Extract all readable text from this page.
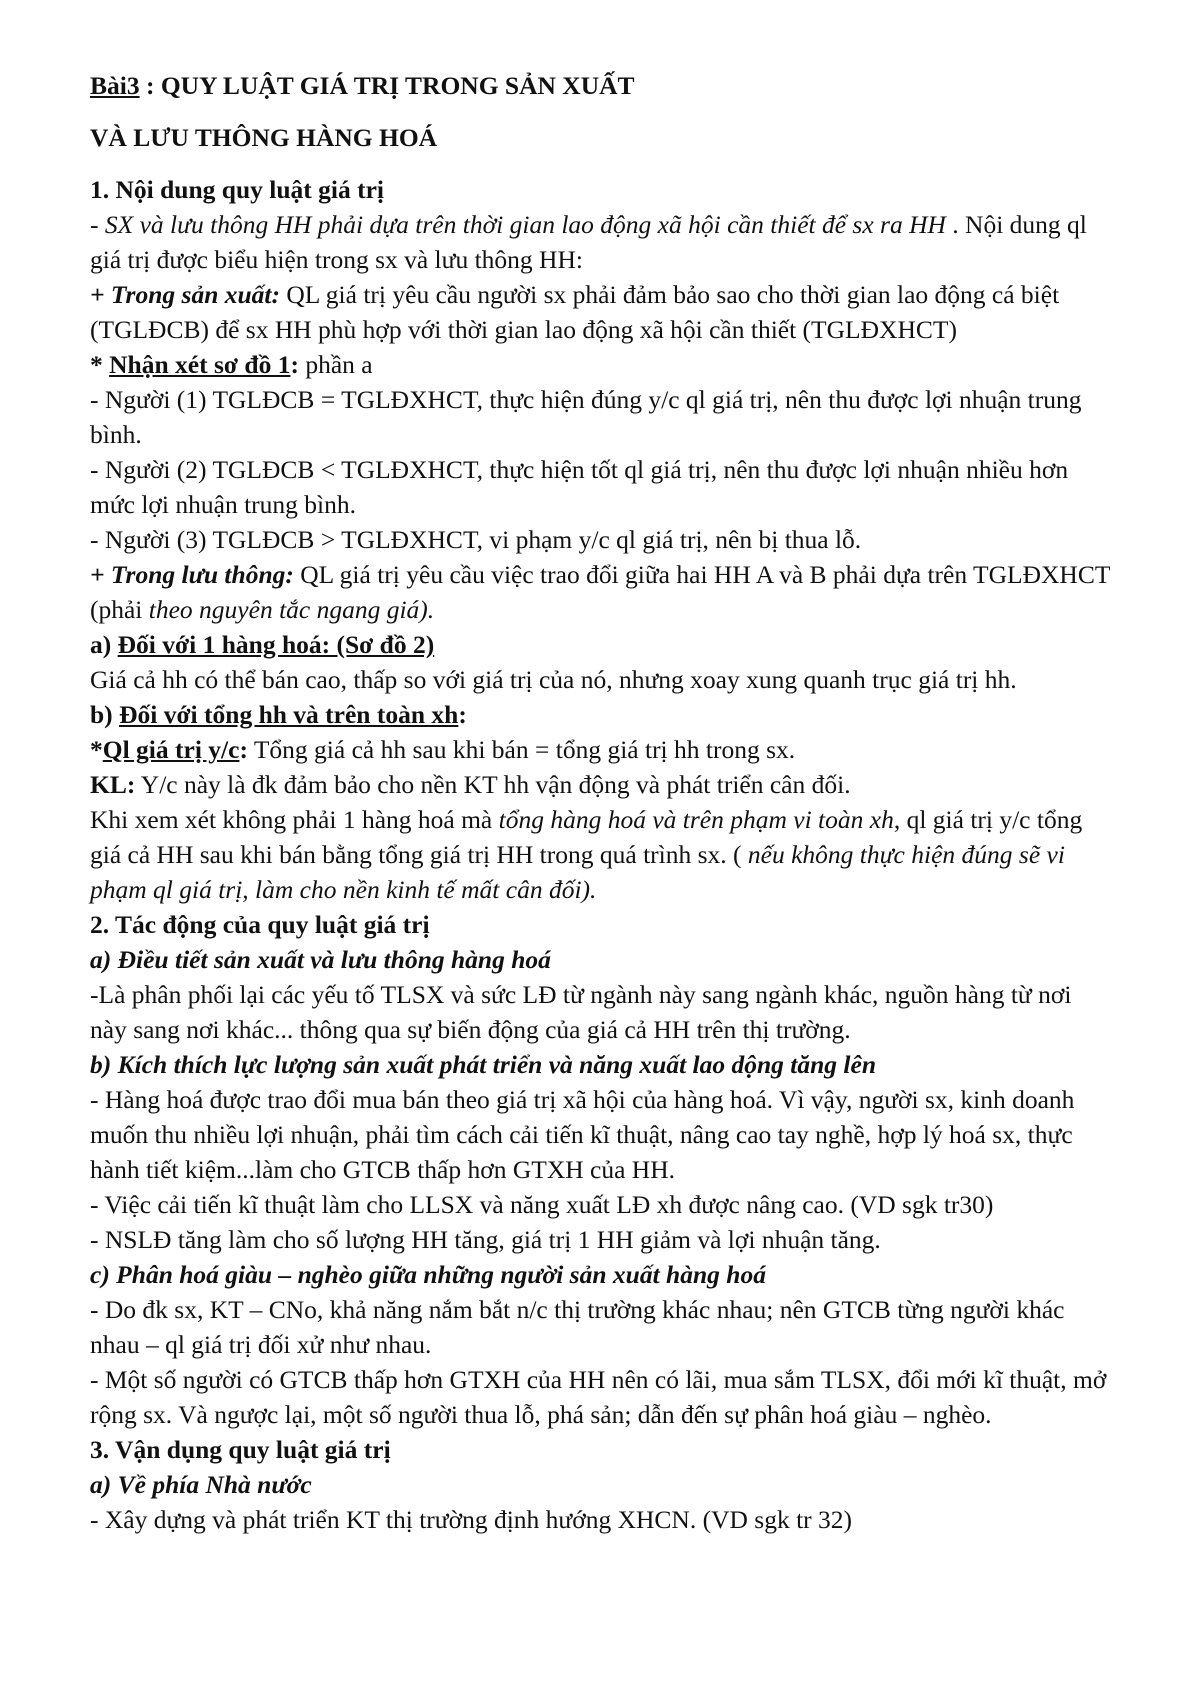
Bài3 : QUY LUẬT GIÁ TRỊ TRONG SẢN XUẤT

VÀ LƯU THÔNG HÀNG HOÁ

1. Nội dung quy luật giá trị

- SX và lưu thông HH phải dựa trên thời gian lao động xã hội cần thiết để sx ra HH . Nội dung ql giá trị được biểu hiện trong sx và lưu thông HH:

+ Trong sản xuất: QL giá trị yêu cầu người sx phải đảm bảo sao cho thời gian lao động cá biệt (TGLĐCB) để sx HH phù hợp với thời gian lao động xã hội cần thiết (TGLĐXHCT)

* Nhận xét sơ đồ 1: phần a

- Người (1) TGLĐCB = TGLĐXHCT, thực hiện đúng y/c ql giá trị, nên thu được lợi nhuận trung bình.

- Người (2) TGLĐCB < TGLĐXHCT, thực hiện tốt ql giá trị, nên thu được lợi nhuận nhiều hơn mức lợi nhuận trung bình.

- Người (3) TGLĐCB > TGLĐXHCT, vi phạm y/c ql giá trị, nên bị thua lỗ.

+ Trong lưu thông: QL giá trị yêu cầu việc trao đổi giữa hai HH A và B phải dựa trên TGLĐXHCT (phải theo nguyên tắc ngang giá).

a) Đối với 1 hàng hoá: (Sơ đồ 2)

Giá cả hh có thể bán cao, thấp so với giá trị của nó, nhưng xoay xung quanh trục giá trị hh.

b) Đối với tổng hh và trên toàn xh:

*Ql giá trị y/c: Tổng giá cả hh sau khi bán = tổng giá trị hh trong sx.

KL: Y/c này là đk đảm bảo cho nền KT hh vận động và phát triển cân đối.

Khi xem xét không phải 1 hàng hoá mà tổng hàng hoá và trên phạm vi toàn xh, ql giá trị y/c tổng giá cả HH sau khi bán bằng tổng giá trị HH trong quá trình sx. ( nếu không thực hiện đúng sẽ vi phạm ql giá trị, làm cho nền kinh tế mất cân đối).

2. Tác động của quy luật giá trị

a) Điều tiết sản xuất và lưu thông hàng hoá

-Là phân phối lại các yếu tố TLSX và sức LĐ từ ngành này sang ngành khác, nguồn hàng từ nơi này sang nơi khác... thông qua sự biến động của giá cả HH trên thị trường.

b) Kích thích lực lượng sản xuất phát triển và năng xuất lao dộng tăng lên

- Hàng hoá được trao đổi mua bán theo giá trị xã hội của hàng hoá. Vì vậy, người sx, kinh doanh muốn thu nhiều lợi nhuận, phải tìm cách cải tiến kĩ thuật, nâng cao tay nghề, hợp lý hoá sx, thực hành tiết kiệm...làm cho GTCB thấp hơn GTXH của HH.

- Việc cải tiến kĩ thuật làm cho LLSX và năng xuất LĐ xh được nâng cao. (VD sgk tr30)

- NSLĐ tăng làm cho số lượng HH tăng, giá trị 1 HH giảm và lợi nhuận tăng.

c) Phân hoá giàu – nghèo giữa những người sản xuất hàng hoá

- Do đk sx, KT – CNo, khả năng nắm bắt n/c thị trường khác nhau; nên GTCB từng người khác nhau – ql giá trị đối xử như nhau.

- Một số người có GTCB thấp hơn GTXH của HH nên có lãi, mua sắm TLSX, đổi mới kĩ thuật, mở rộng sx. Và ngược lại, một số người thua lỗ, phá sản; dẫn đến sự phân hoá giàu – nghèo.

3. Vận dụng quy luật giá trị

a) Về phía Nhà nước

- Xây dựng và phát triển KT thị trường định hướng XHCN. (VD sgk tr 32)
